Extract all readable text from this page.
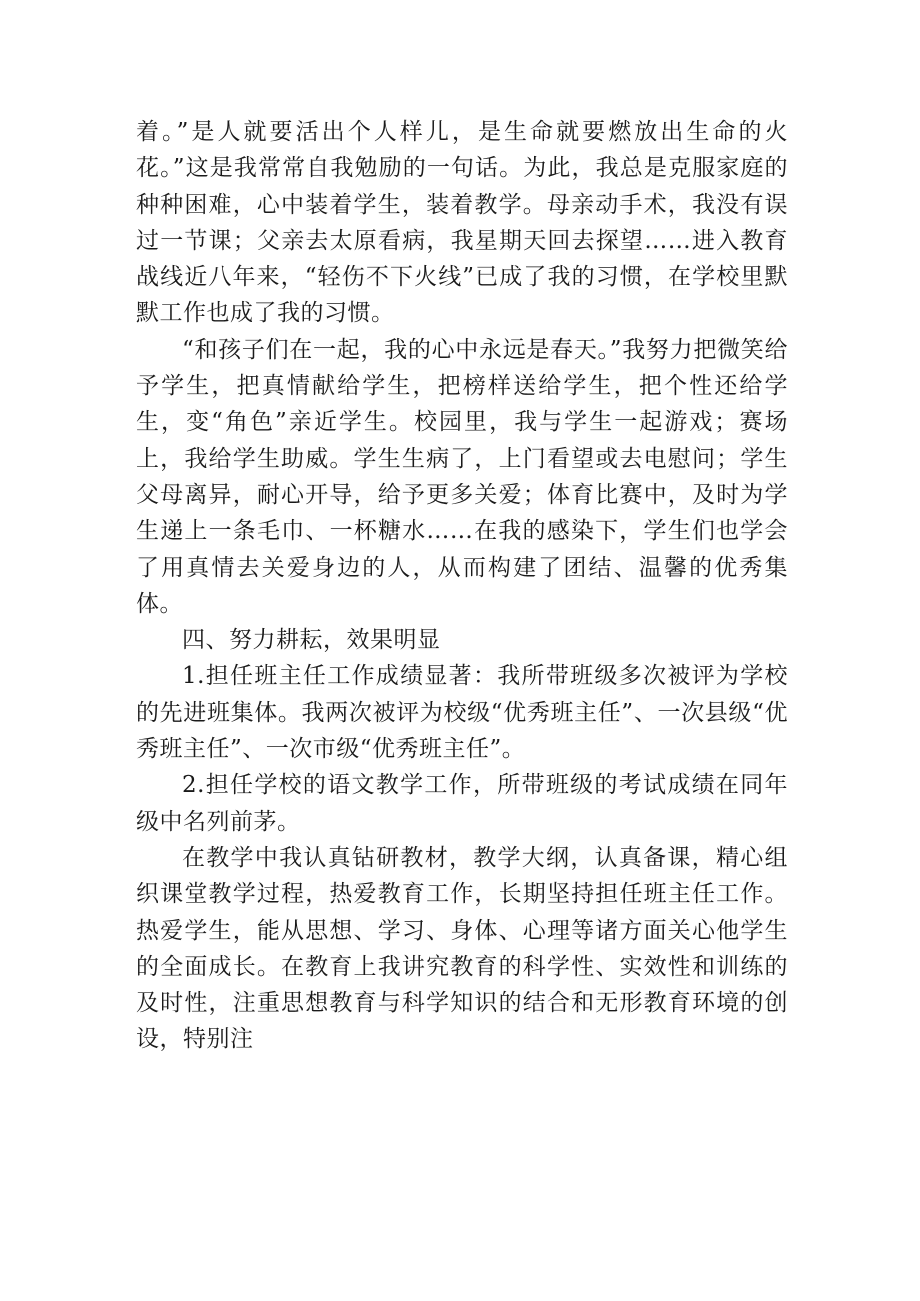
着。”是人就要活出个人样儿，是生命就要燃放出生命的火花。”这是我常常自我勉励的一句话。为此，我总是克服家庭的种种困难，心中装着学生，装着教学。母亲动手术，我没有误过一节课；父亲去太原看病，我星期天回去探望……进入教育战线近八年来，“轻伤不下火线”已成了我的习惯，在学校里默默工作也成了我的习惯。

“和孩子们在一起，我的心中永远是春天。”我努力把微笑给予学生，把真情献给学生，把榜样送给学生，把个性还给学生，变“角色”亲近学生。校园里，我与学生一起游戏；赛场上，我给学生助威。学生生病了，上门看望或去电慰问；学生父母离异，耐心开导，给予更多关爱；体育比赛中，及时为学生递上一条毛巾、一杯糖水……在我的感染下，学生们也学会了用真情去关爱身边的人，从而构建了团结、温馨的优秀集体。

四、努力耕耘，效果明显

1.担任班主任工作成绩显著：我所带班级多次被评为学校的先进班集体。我两次被评为校级“优秀班主任”、一次县级“优秀班主任”、一次市级“优秀班主任”。

2.担任学校的语文教学工作，所带班级的考试成绩在同年级中名列前茅。

在教学中我认真钻研教材，教学大纲，认真备课，精心组织课堂教学过程，热爱教育工作，长期坚持担任班主任工作。热爱学生，能从思想、学习、身体、心理等诸方面关心他学生的全面成长。在教育上我讲究教育的科学性、实效性和训练的及时性，注重思想教育与科学知识的结合和无形教育环境的创设，特别注
